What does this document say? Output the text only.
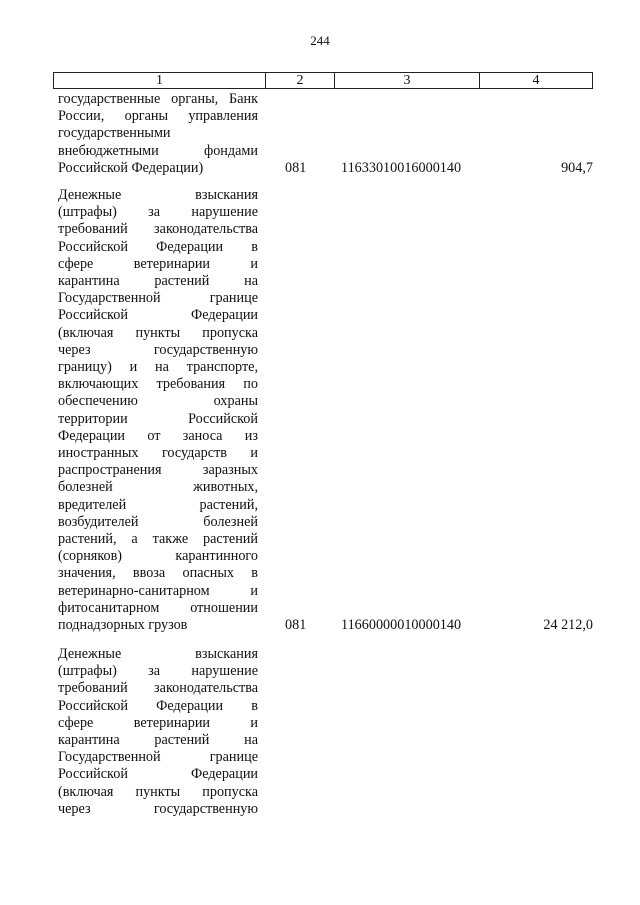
244
1	2	3	4
государственные органы, Банк
России, органы управления
государственными
внебюджетными фондами
Российской Федерации)	081 11633010016000140	904,7
Денежные взыскания
(штрафы) за нарушение
требований законодательства
Российской Федерации в
сфере ветеринарии и
карантина растений на
Государственной границе
Российской Федерации
(включая пункты пропуска
через государственную
границу) и на транспорте,
включающих требования по
обеспечению охраны
территории Российской
Федерации от заноса из
иностранных государств и
распространения заразных
болезней животных,
вредителей растений,
возбудителей болезней
растений, а также растений
(сорняков) карантинного
значения, ввоза опасных в
ветеринарно-санитарном и
фитосанитарном отношении
поднадзорных грузов	081 11660000010000140	24 212,0
Денежные взыскания
(штрафы) за нарушение
требований законодательства
Российской Федерации в
сфере ветеринарии и
карантина растений на
Государственной границе
Российской Федерации
(включая пункты пропуска
через государственную
